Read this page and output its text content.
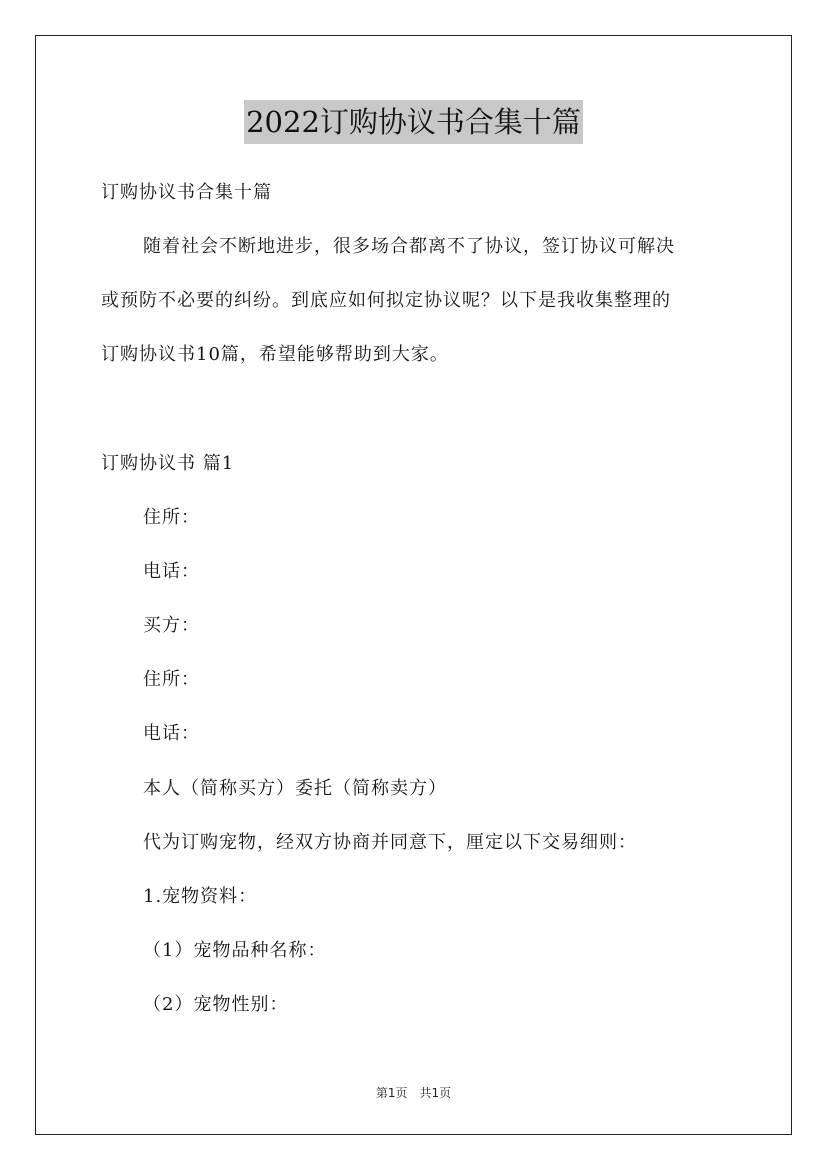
2022订购协议书合集十篇
订购协议书合集十篇
随着社会不断地进步，很多场合都离不了协议，签订协议可解决
或预防不必要的纠纷。到底应如何拟定协议呢？以下是我收集整理的
订购协议书10篇，希望能够帮助到大家。
订购协议书 篇1
住所：
电话：
买方：
住所：
电话：
本人（简称买方）委托（简称卖方）
代为订购宠物，经双方协商并同意下，厘定以下交易细则：
1.宠物资料：
（1）宠物品种名称：
（2）宠物性别：
第1页　共1页
